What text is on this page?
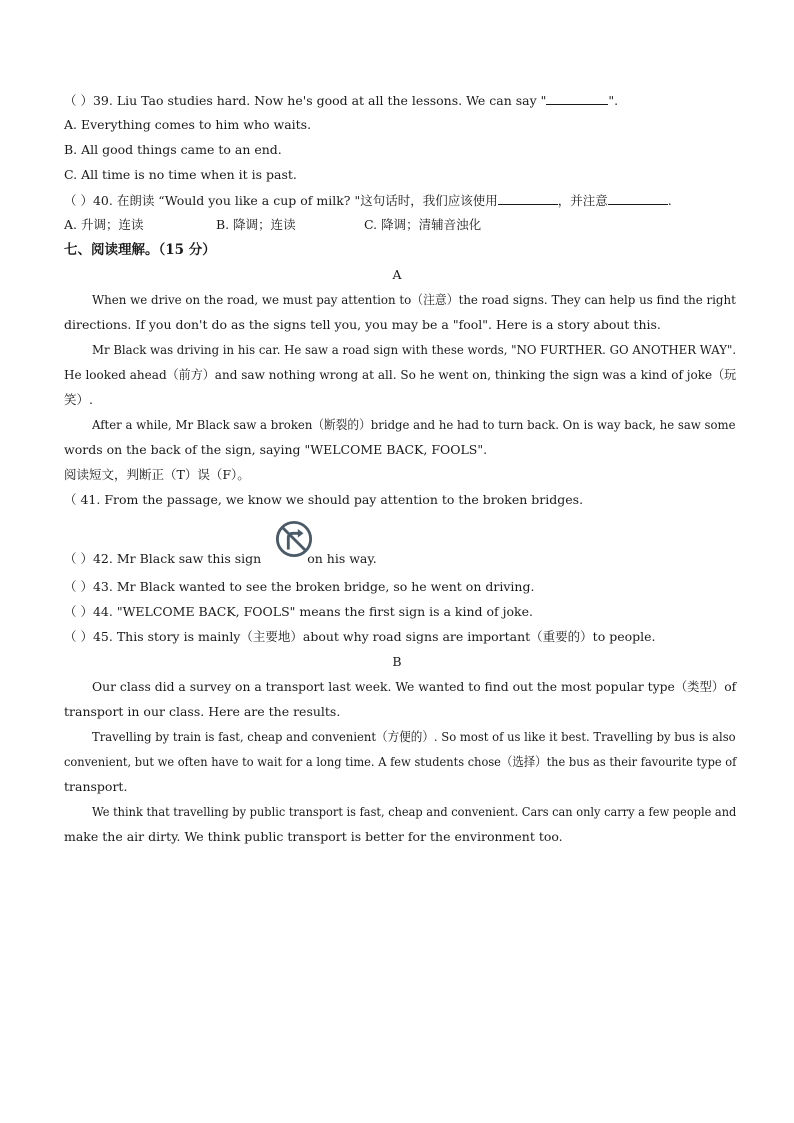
（ ）39. Liu Tao studies hard. Now he's good at all the lessons. We can say "	".
A. Everything comes to him who waits.
B. All good things came to an end.
C. All time is no time when it is past.
（ ）40. 在朗读 “Would you like a cup of milk? "这句话时，我们应该使用	，并注意	.
A. 升调；连读	B. 降调；连读	C. 降调；清辅音浊化
七、阅读理解。（15 分）
A
When we drive on the road, we must pay attention to（注意）the road signs. They can help us find the right
directions. If you don't do as the signs tell you, you may be a "fool". Here is a story about this.
Mr Black was driving in his car. He saw a road sign with these words, "NO FURTHER. GO ANOTHER WAY".
He looked ahead（前方）and saw nothing wrong at all. So he went on, thinking the sign was a kind of joke（玩
笑）.
After a while, Mr Black saw a broken（断裂的）bridge and he had to turn back. On is way back, he saw some
words on the back of the sign, saying "WELCOME BACK, FOOLS".
阅读短文，判断正（T）误（F）。
（ 41. From the passage, we know we should pay attention to the broken bridges.
（ ）42. Mr Black saw this sign	on his way.
（ ）43. Mr Black wanted to see the broken bridge, so he went on driving.
（ ）44. "WELCOME BACK, FOOLS" means the first sign is a kind of joke.
（ ）45. This story is mainly（主要地）about why road signs are important（重要的）to people.
B
Our class did a survey on a transport last week. We wanted to find out the most popular type（类型）of
transport in our class. Here are the results.
Travelling by train is fast, cheap and convenient（方便的）. So most of us like it best. Travelling by bus is also
convenient, but we often have to wait for a long time. A few students chose（选择）the bus as their favourite type of
transport.
We think that travelling by public transport is fast, cheap and convenient. Cars can only carry a few people and
make the air dirty. We think public transport is better for the environment too.
